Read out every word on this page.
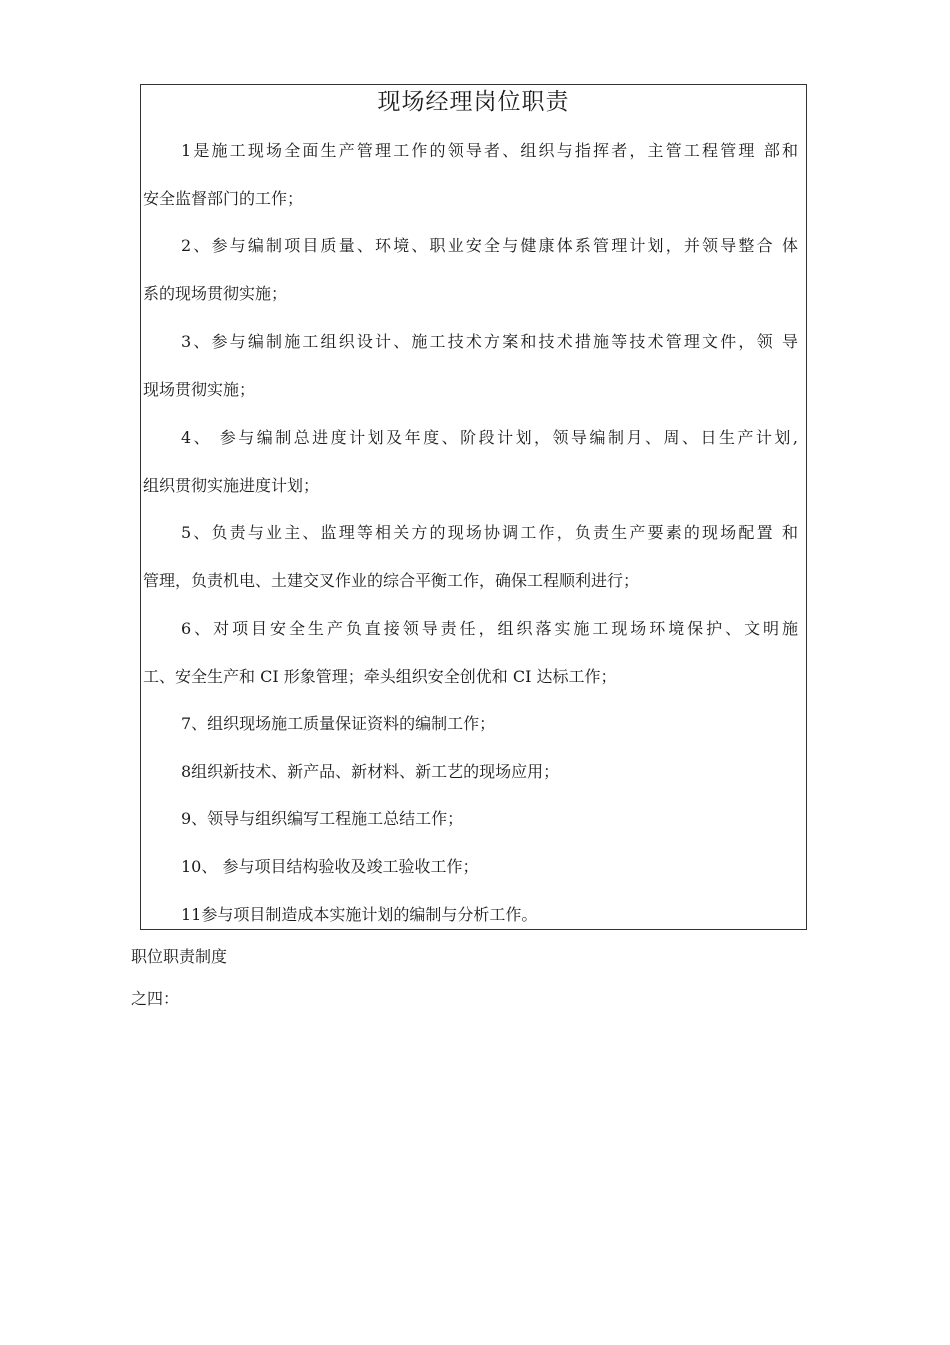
现场经理岗位职责
1是施工现场全面生产管理工作的领导者、组织与指挥者，主管工程管理 部和
安全监督部门的工作；
2、参与编制项目质量、环境、职业安全与健康体系管理计划，并领导整合 体
系的现场贯彻实施；
3、参与编制施工组织设计、施工技术方案和技术措施等技术管理文件，领 导
现场贯彻实施；
4、 参与编制总进度计划及年度、阶段计划，领导编制月、周、日生产计划,
组织贯彻实施进度计划；
5、负责与业主、监理等相关方的现场协调工作，负责生产要素的现场配置 和
管理，负责机电、土建交叉作业的综合平衡工作，确保工程顺利进行；
6、对项目安全生产负直接领导责任，组织落实施工现场环境保护、文明施
工、安全生产和 CI 形象管理；牵头组织安全创优和 CI 达标工作；
7、组织现场施工质量保证资料的编制工作；
8组织新技术、新产品、新材料、新工艺的现场应用；
9、领导与组织编写工程施工总结工作；
10、 参与项目结构验收及竣工验收工作；
11参与项目制造成本实施计划的编制与分析工作。
职位职责制度
之四：
